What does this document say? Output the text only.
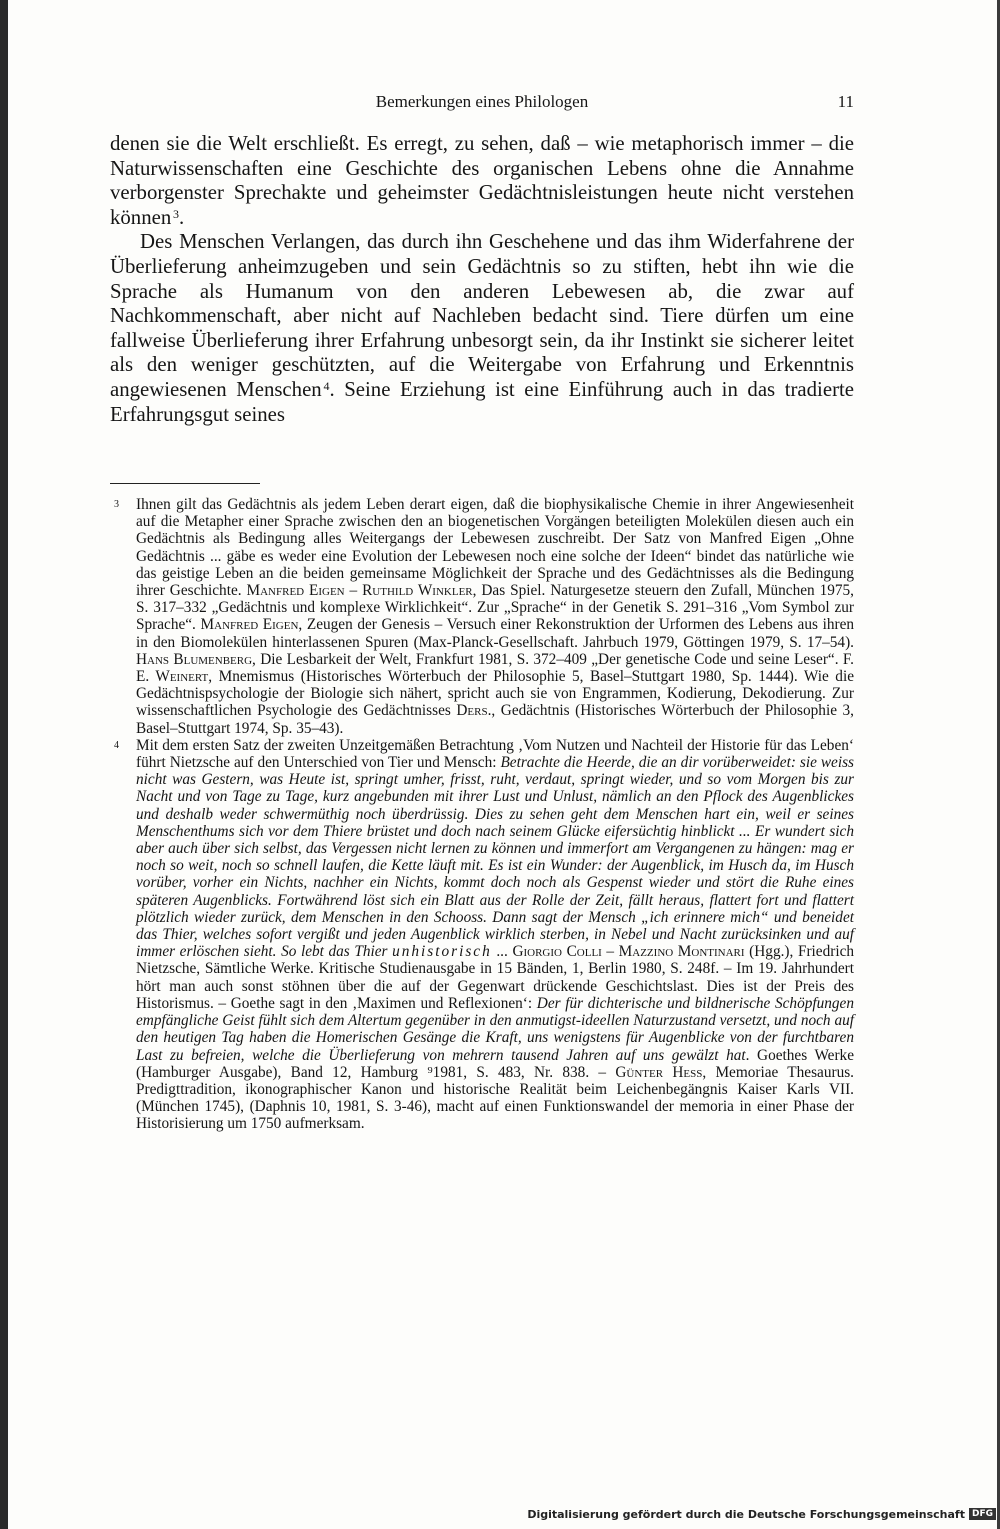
Bemerkungen eines Philologen	11

denen sie die Welt erschließt. Es erregt, zu sehen, daß – wie metaphorisch immer – die Naturwissenschaften eine Geschichte des organischen Lebens ohne die Annahme verborgenster Sprechakte und geheimster Gedächtnisleistungen heute nicht verstehen können  $^3$.

Des Menschen Verlangen, das durch ihn Geschehene und das ihm Widerfahrene der Überlieferung anheimzugeben und sein Gedächtnis so zu stiften, hebt ihn wie die Sprache als Humanum von den anderen Lebewesen ab, die zwar auf Nachkommenschaft, aber nicht auf Nachleben bedacht sind. Tiere dürfen um eine fallweise Überlieferung ihrer Erfahrung unbesorgt sein, da ihr Instinkt sie sicherer leitet als den weniger geschützten, auf die Weitergabe von Erfahrung und Erkenntnis angewiesenen Menschen  $^4$. Seine Erziehung ist eine Einführung auch in das tradierte Erfahrungsgut seines

3 Ihnen gilt das Gedächtnis als jedem Leben derart eigen, daß die biophysikalische Chemie in ihrer Angewiesenheit auf die Metapher einer Sprache zwischen den an biogenetischen Vorgängen beteiligten Molekülen diesen auch ein Gedächtnis als Bedingung alles Weitergangs der Lebewesen zuschreibt. Der Satz von Manfred Eigen „Ohne Gedächtnis ... gäbe es weder eine Evolution der Lebewesen noch eine solche der Ideen“ bindet das natürliche wie das geistige Leben an die beiden gemeinsame Möglichkeit der Sprache und des Gedächtnisses als die Bedingung ihrer Geschichte. Manfred Eigen – Ruthild Winkler, Das Spiel. Naturgesetze steuern den Zufall, München 1975, S. 317–332 „Gedächtnis und komplexe Wirklichkeit“. Zur „Sprache“ in der Genetik S. 291–316 „Vom Symbol zur Sprache“. Manfred Eigen, Zeugen der Genesis – Versuch einer Rekonstruktion der Urformen des Lebens aus ihren in den Biomolekülen hinterlassenen Spuren (Max-Planck-Gesellschaft. Jahrbuch 1979, Göttingen 1979, S. 17–54). Hans Blumenberg, Die Lesbarkeit der Welt, Frankfurt 1981, S. 372–409 „Der genetische Code und seine Leser“. F. E. Weinert, Mnemismus (Historisches Wörterbuch der Philosophie 5, Basel–Stuttgart 1980, Sp. 1444). Wie die Gedächtnispsychologie der Biologie sich nähert, spricht auch sie von Engrammen, Kodierung, Dekodierung. Zur wissenschaftlichen Psychologie des Gedächtnisses Ders., Gedächtnis (Historisches Wörterbuch der Philosophie 3, Basel–Stuttgart 1974, Sp. 35–43).

4 Mit dem ersten Satz der zweiten Unzeitgemäßen Betrachtung ‚Vom Nutzen und Nachteil der Historie für das Leben‘ führt Nietzsche auf den Unterschied von Tier und Mensch: Betrachte die Heerde, die an dir vorüberweidet: sie weiss nicht was Gestern, was Heute ist, springt umher, frisst, ruht, verdaut, springt wieder, und so vom Morgen bis zur Nacht und von Tage zu Tage, kurz angebunden mit ihrer Lust und Unlust, nämlich an den Pflock des Augenblickes und deshalb weder schwermüthig noch überdrüssig. Dies zu sehen geht dem Menschen hart ein, weil er seines Menschenthums sich vor dem Thiere brüstet und doch nach seinem Glücke eifersüchtig hinblickt ... Er wundert sich aber auch über sich selbst, das Vergessen nicht lernen zu können und immerfort am Vergangenen zu hängen: mag er noch so weit, noch so schnell laufen, die Kette läuft mit. Es ist ein Wunder: der Augenblick, im Husch da, im Husch vorüber, vorher ein Nichts, nachher ein Nichts, kommt doch noch als Gespenst wieder und stört die Ruhe eines späteren Augenblicks. Fortwährend löst sich ein Blatt aus der Rolle der Zeit, fällt heraus, flattert fort und flattert plötzlich wieder zurück, dem Menschen in den Schooss. Dann sagt der Mensch „ich erinnere mich“ und beneidet das Thier, welches sofort vergißt und jeden Augenblick wirklich sterben, in Nebel und Nacht zurücksinken und auf immer erlöschen sieht. So lebt das Thier unhistorisch ... Giorgio Colli – Mazzino Montinari (Hgg.), Friedrich Nietzsche, Sämtliche Werke. Kritische Studienausgabe in 15 Bänden, 1, Berlin 1980, S. 248f. – Im 19. Jahrhundert hört man auch sonst stöhnen über die auf der Gegenwart drückende Geschichtslast. Dies ist der Preis des Historismus. – Goethe sagt in den ‚Maximen und Reflexionen‘: Der für dichterische und bildnerische Schöpfungen empfängliche Geist fühlt sich dem Altertum gegenüber in den anmutigst-ideellen Naturzustand versetzt, und noch auf den heutigen Tag haben die Homerischen Gesänge die Kraft, uns wenigstens für Augenblicke von der furchtbaren Last zu befreien, welche die Überlieferung von mehrern tausend Jahren auf uns gewälzt hat. Goethes Werke (Hamburger Ausgabe), Band 12, Hamburg ⁹1981, S. 483, Nr. 838. – Günter Hess, Memoriae Thesaurus. Predigttradition, ikonographischer Kanon und historische Realität beim Leichenbegängnis Kaiser Karls VII. (München 1745), (Daphnis 10, 1981, S. 3-46), macht auf einen Funktionswandel der memoria in einer Phase der Historisierung um 1750 aufmerksam.

Digitalisierung gefördert durch die Deutsche Forschungsgemeinschaft DFG
